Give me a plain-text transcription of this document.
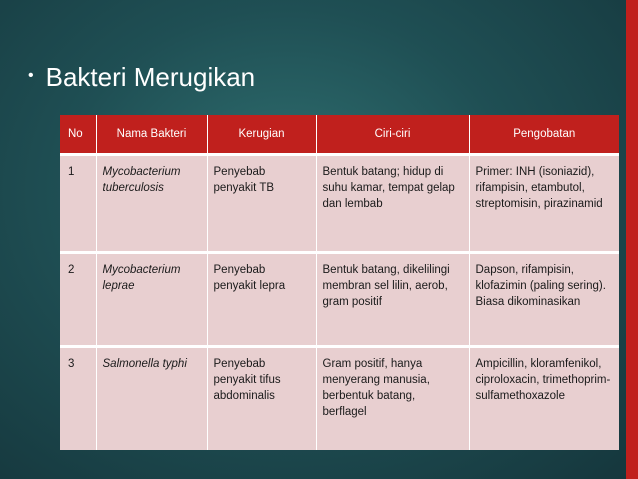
• Bakteri Merugikan
No	Nama Bakteri	Kerugian	Ciri-ciri	Pengobatan
1	Mycobacterium tuberculosis	Penyebab penyakit TB	Bentuk batang; hidup di suhu kamar, tempat gelap dan lembab	Primer: INH (isoniazid), rifampisin, etambutol, streptomisin, pirazinamid
2	Mycobacterium leprae	Penyebab penyakit lepra	Bentuk batang, dikelilingi membran sel lilin, aerob, gram positif	Dapson, rifampisin, klofazimin (paling sering). Biasa dikominasikan
3	Salmonella typhi	Penyebab penyakit tifus abdominalis	Gram positif, hanya menyerang manusia, berbentuk batang, berflagel	Ampicillin, kloramfenikol, ciproloxacin, trimethoprim-sulfamethoxazole
